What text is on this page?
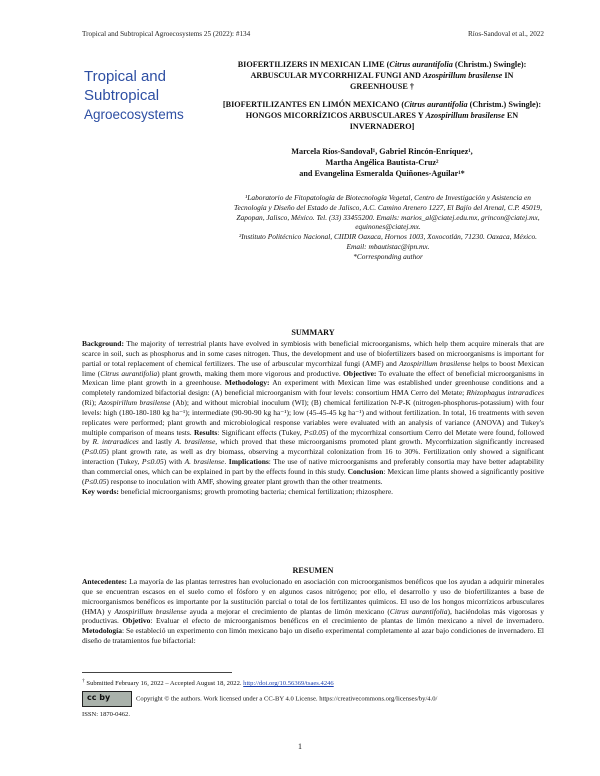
Tropical and Subtropical Agroecosystems 25 (2022): #134	Ríos-Sandoval et al., 2022
Tropical and
Subtropical
Agroecosystems
BIOFERTILIZERS IN MEXICAN LIME (Citrus aurantifolia (Christm.) Swingle): ARBUSCULAR MYCORRHIZAL FUNGI AND Azospirillum brasilense IN GREENHOUSE †
[BIOFERTILIZANTES EN LIMÓN MEXICANO (Citrus aurantifolia (Christm.) Swingle): HONGOS MICORRÍZICOS ARBUSCULARES Y Azospirillum brasilense EN INVERNADERO]
Marcela Ríos-Sandoval¹, Gabriel Rincón-Enríquez¹,
Martha Angélica Bautista-Cruz²
and Evangelina Esmeralda Quiñones-Aguilar¹*
¹Laboratorio de Fitopatología de Biotecnología Vegetal, Centro de Investigación y Asistencia en Tecnología y Diseño del Estado de Jalisco, A.C. Camino Arenero 1227, El Bajío del Arenal, C.P. 45019, Zapopan, Jalisco, México. Tel. (33) 33455200. Emails: marios_al@ciatej.edu.mx, grincon@ciatej.mx, equinones@ciatej.mx.
²Instituto Politécnico Nacional, CIIDIR Oaxaca, Hornos 1003, Xoxocotlán, 71230. Oaxaca, México. Email: mbautistac@ipn.mx.
*Corresponding author
SUMMARY
Background: The majority of terrestrial plants have evolved in symbiosis with beneficial microorganisms, which help them acquire minerals that are scarce in soil, such as phosphorus and in some cases nitrogen. Thus, the development and use of biofertilizers based on microorganisms is important for partial or total replacement of chemical fertilizers. The use of arbuscular mycorrhizal fungi (AMF) and Azospirillum brasilense helps to boost Mexican lime (Citrus aurantifolia) plant growth, making them more vigorous and productive. Objective: To evaluate the effect of beneficial microorganisms in Mexican lime plant growth in a greenhouse. Methodology: An experiment with Mexican lime was established under greenhouse conditions and a completely randomized bifactorial design: (A) beneficial microorganism with four levels: consortium HMA Cerro del Metate; Rhizophagus intraradices (Ri); Azospirillum brasilense (Ab); and without microbial inoculum (WI); (B) chemical fertilization N-P-K (nitrogen-phosphorus-potassium) with four levels: high (180-180-180 kg ha⁻¹); intermediate (90-90-90 kg ha⁻¹); low (45-45-45 kg ha⁻¹) and without fertilization. In total, 16 treatments with seven replicates were performed; plant growth and microbiological response variables were evaluated with an analysis of variance (ANOVA) and Tukey's multiple comparison of means tests. Results: Significant effects (Tukey, P≤0.05) of the mycorrhizal consortium Cerro del Metate were found, followed by R. intraradices and lastly A. brasilense, which proved that these microorganisms promoted plant growth. Mycorrhization significantly increased (P≤0.05) plant growth rate, as well as dry biomass, observing a mycorrhizal colonization from 16 to 30%. Fertilization only showed a significant interaction (Tukey, P≤0.05) with A. brasilense. Implications: The use of native microorganisms and preferably consortia may have better adaptability than commercial ones, which can be explained in part by the effects found in this study. Conclusion: Mexican lime plants showed a significantly positive (P≤0.05) response to inoculation with AMF, showing greater plant growth than the other treatments.
Key words: beneficial microorganisms; growth promoting bacteria; chemical fertilization; rhizosphere.
RESUMEN
Antecedentes: La mayoría de las plantas terrestres han evolucionado en asociación con microorganismos benéficos que los ayudan a adquirir minerales que se encuentran escasos en el suelo como el fósforo y en algunos casos nitrógeno; por ello, el desarrollo y uso de biofertilizantes a base de microorganismos benéficos es importante por la sustitución parcial o total de los fertilizantes químicos. El uso de los hongos micorrízicos arbusculares (HMA) y Azospirillum brasilense ayuda a mejorar el crecimiento de plantas de limón mexicano (Citrus aurantifolia), haciéndolas más vigorosas y productivas. Objetivo: Evaluar el efecto de microorganismos benéficos en el crecimiento de plantas de limón mexicano a nivel de invernadero. Metodología: Se estableció un experimento con limón mexicano bajo un diseño experimental completamente al azar bajo condiciones de invernadero. El diseño de tratamientos fue bifactorial:
† Submitted February 16, 2022 – Accepted August 18, 2022. http://doi.org/10.56369/tsaes.4246
cc by	Copyright © the authors. Work licensed under a CC-BY 4.0 License. https://creativecommons.org/licenses/by/4.0/
ISSN: 1870-0462.
1
